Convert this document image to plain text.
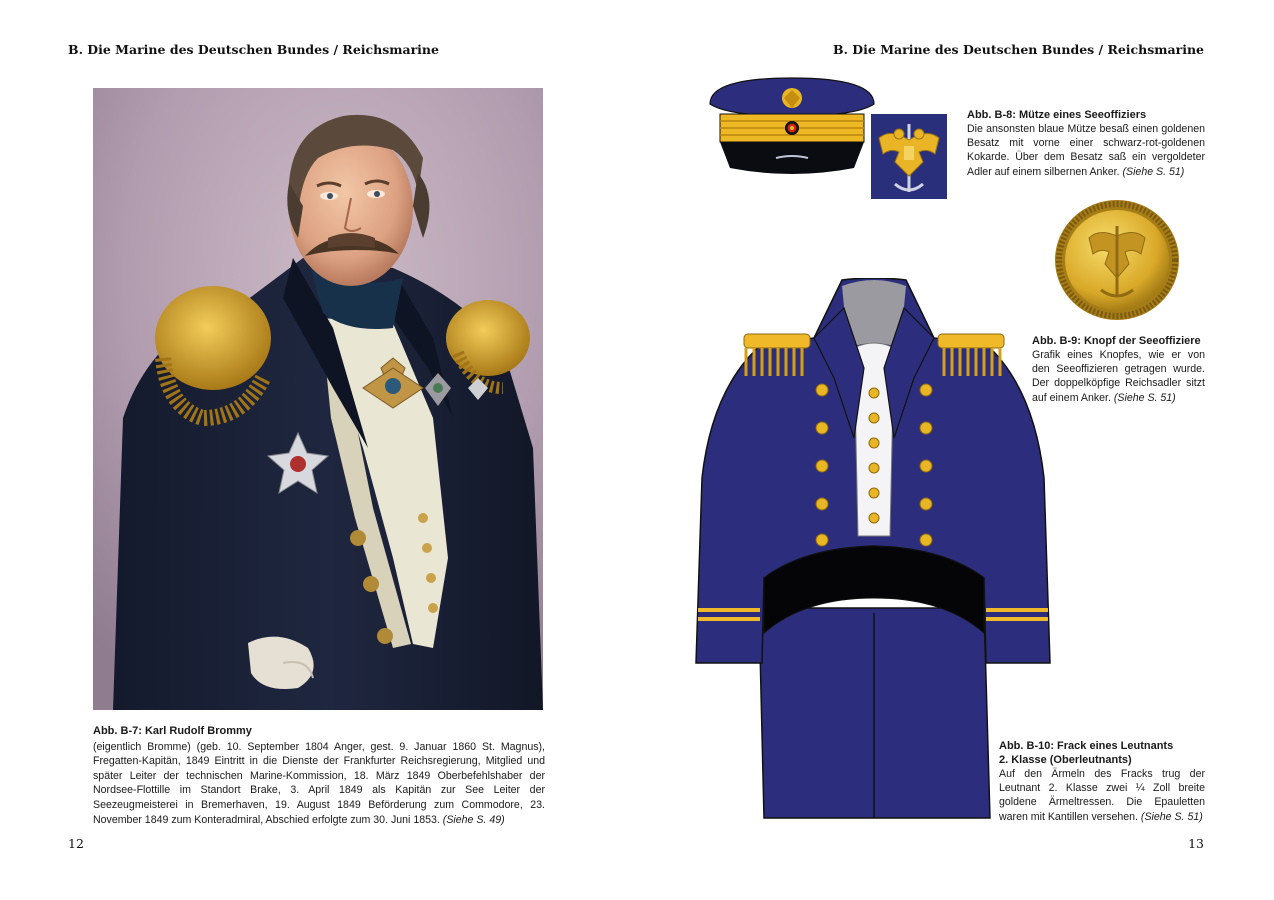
B. Die Marine des Deutschen Bundes / Reichsmarine	B. Die Marine des Deutschen Bundes / Reichsmarine
Abb. B-7: Karl Rudolf Brommy
(eigentlich Bromme) (geb. 10. September 1804 Anger, gest. 9. Januar 1860 St. Magnus), Fregatten-Kapitän, 1849 Eintritt in die Dienste der Frankfurter Reichsregierung, Mitglied und später Leiter der technischen Marine-Kommission, 18. März 1849 Oberbefehlshaber der Nordsee-Flottille im Standort Brake, 3. April 1849 als Kapitän zur See Leiter der Seezeugmeisterei in Bremerhaven, 19. August 1849 Beförderung zum Commodore, 23. November 1849 zum Konteradmiral, Abschied erfolgte zum 30. Juni 1853. (Siehe S. 49)
12
Abb. B-8: Mütze eines Seeoffiziers
Die ansonsten blaue Mütze besaß einen goldenen Besatz mit vorne einer schwarz-rot-goldenen Kokarde. Über dem Besatz saß ein vergoldeter Adler auf einem silbernen Anker. (Siehe S. 51)
Abb. B-9: Knopf der Seeoffiziere
Grafik eines Knopfes, wie er von den Seeoffizieren getragen wurde. Der doppelköpfige Reichsadler sitzt auf einem Anker. (Siehe S. 51)
Abb. B-10: Frack eines Leutnants
2. Klasse (Oberleutnants)
Auf den Ärmeln des Fracks trug der Leutnant 2. Klasse zwei ¼ Zoll breite goldene Ärmeltressen. Die Epauletten waren mit Kantillen versehen. (Siehe S. 51)
13
